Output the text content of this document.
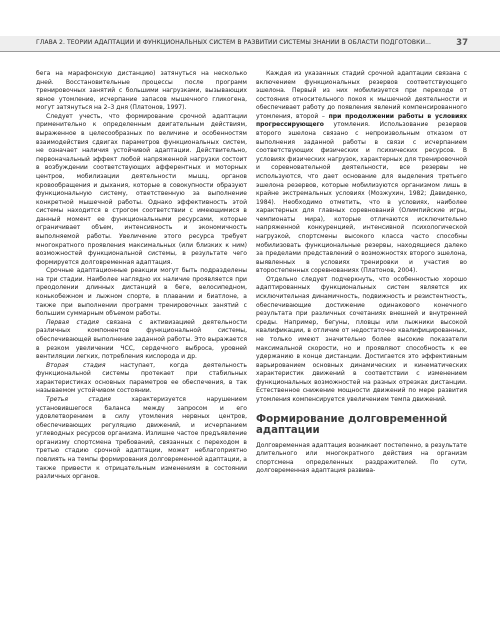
ГЛАВА 2. ТЕОРИИ АДАПТАЦИИ И ФУНКЦИОНАЛЬНЫХ СИСТЕМ В РАЗВИТИИ СИСТЕМЫ ЗНАНИЙ В ОБЛАСТИ ПОДГОТОВКИ...	37

бега на марафонскую дистанцию) затянуться на несколько дней. Восстановительные процессы после программ тренировочных занятий с большими нагрузками, вызывающих явное утомление, исчерпание запасов мышечного гликогена, могут затянуться на 2–3 дня (Платонов, 1997).

Следует учесть, что формирование срочной адаптации применительно к определенным двигательным действиям, выраженное в целесообразных по величине и особенностям взаимодействия сдвигах параметров функциональных систем, не означает наличия устойчивой адаптации. Действительно, первоначальный эффект любой напряженной нагрузки состоит в возбуждении соответствующих афферентных и моторных центров, мобилизации деятельности мышц, органов кровообращения и дыхания, которые в совокупности образуют функциональную систему, ответственную за выполнение конкретной мышечной работы. Однако эффективность этой системы находится в строгом соответствии с имеющимися в данный момент ее функциональными ресурсами, которые ограничивает объем, интенсивность и экономичность выполняемой работы. Увеличение этого ресурса требует многократного проявления максимальных (или близких к ним) возможностей функциональной системы, в результате чего формируется долговременная адаптация.

Срочные адаптационные реакции могут быть подразделены на три стадии. Наиболее наглядно их наличие проявляется при преодолении длинных дистанций в беге, велосипедном, конькобежном и лыжном спорте, в плавании и биатлоне, а также при выполнении программ тренировочных занятий с большим суммарным объемом работы.

Первая стадия связана с активизацией деятельности различных компонентов функциональной системы, обеспечивающей выполнение заданной работы. Это выражается в резком увеличении ЧСС, сердечного выброса, уровней вентиляции легких, потребления кислорода и др.

Вторая стадия наступает, когда деятельность функциональной системы протекает при стабильных характеристиках основных параметров ее обеспечения, в так называемом устойчивом состоянии.

Третья стадия характеризуется нарушением установившегося баланса между запросом и его удовлетворением в силу утомления нервных центров, обеспечивающих регуляцию движений, и исчерпанием углеводных ресурсов организма. Излишне частое предъявление организму спортсмена требований, связанных с переходом в третью стадию срочной адаптации, может неблагоприятно повлиять на темпы формирования долговременной адаптации, а также привести к отрицательным изменениям в состоянии различных органов.

Каждая из указанных стадий срочной адаптации связана с включением функциональных резервов соответствующего эшелона. Первый из них мобилизуется при переходе от состояния относительного покоя к мышечной деятельности и обеспечивает работу до появления явлений компенсированного утомления, второй – при продолжении работы в условиях прогрессирующего утомления. Использование резервов второго эшелона связано с непроизвольным отказом от выполнения заданной работы в связи с исчерпанием соответствующих физических и психических ресурсов. В условиях физических нагрузок, характерных для тренировочной и соревновательной деятельности, все резервы не используются, что дает основание для выделения третьего эшелона резервов, которые мобилизуются организмом лишь в крайне экстремальных условиях (Мозжухин, 1982; Давиденко, 1984). Необходимо отметить, что в условиях, наиболее характерных для главных соревнований (Олимпийские игры, чемпионаты мира), которые отличаются исключительно напряженной конкуренцией, интенсивной психологической нагрузкой, спортсмены высокого класса часто способны мобилизовать функциональные резервы, находящиеся далеко за пределами представлений о возможностях второго эшелона, выявленных в условиях тренировки и участия во второстепенных соревнованиях (Платонов, 2004).

Отдельно следует подчеркнуть, что особенностью хорошо адаптированных функциональных систем является их исключительная динамичность, подвижность и резистентность, обеспечивающие достижение одинакового конечного результата при различных сочетаниях внешней и внутренней среды. Например, бегуны, пловцы или лыжники высокой квалификации, в отличие от недостаточно квалифицированных, не только имеют значительно более высокие показатели максимальной скорости, но и проявляют способность к ее удержанию в конце дистанции. Достигается это эффективным варьированием основных динамических и кинематических характеристик движений в соответствии с изменением функциональных возможностей на разных отрезках дистанции. Естественное снижение мощности движений по мере развития утомления компенсируется увеличением темпа движений.

Формирование долговременной адаптации

Долговременная адаптация возникает постепенно, в результате длительного или многократного действия на организм спортсмена определенных раздражителей. По сути, долговременная адаптация развива-
